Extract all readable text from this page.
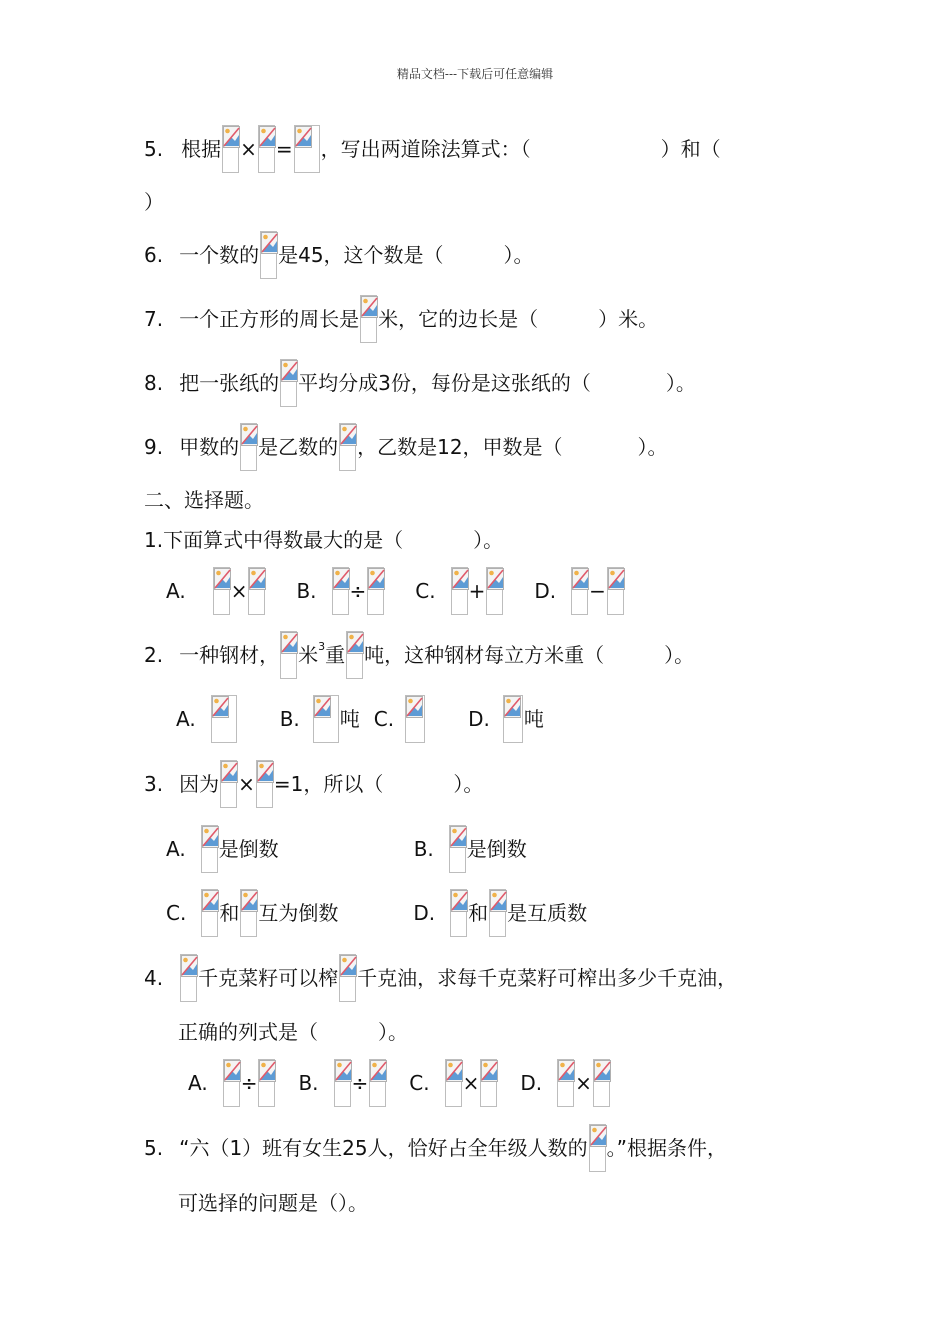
精品文档---下载后可任意编辑
5. 根据 × = ，写出两道除法算式：（	）和（
）
6. 一个数的 是45，这个数是（	）。
7. 一个正方形的周长是 米，它的边长是（	）米。
8. 把一张纸的 平均分成3份，每份是这张纸的（	）。
9. 甲数的 是乙数的 ，乙数是12，甲数是（	）。
二、选择题。
1.下面算式中得数最大的是（	）。
A. × B. ÷ C. + D. −
2. 一种钢材， 米 3 重 吨，这种钢材每立方米重（	）。
A.	B. 吨 C.	D. 吨
3. 因为 × =1，所以（	）。
A. 是倒数	B. 是倒数
C. 和 互为倒数	D. 和 是互质数
4. 千克菜籽可以榨 千克油，求每千克菜籽可榨出多少千克油，
正确的列式是（	）。
A. ÷ B. ÷ C. × D. ×
5. “六（1）班有女生25人，恰好占全年级人数的 。”根据条件，
可选择的问题是（）。
